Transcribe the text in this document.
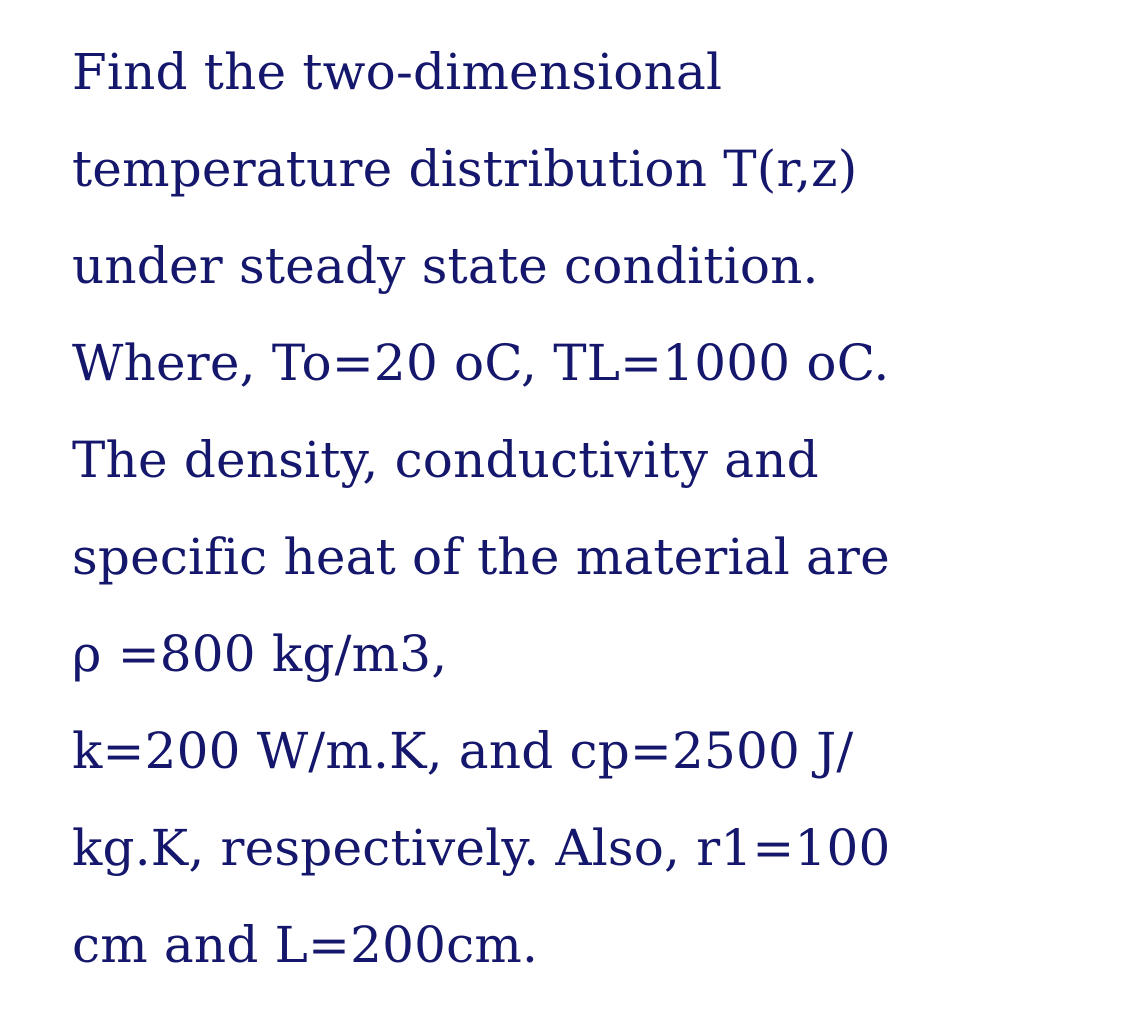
Find the two-dimensional
temperature distribution T(r,z)
under steady state condition.
Where, To=20 oC, TL=1000 oC.
The density, conductivity and
specific heat of the material are
ρ =800 kg/m3,
k=200 W/m.K, and cp=2500 J/
kg.K, respectively. Also, r1=100
cm and L=200cm.
